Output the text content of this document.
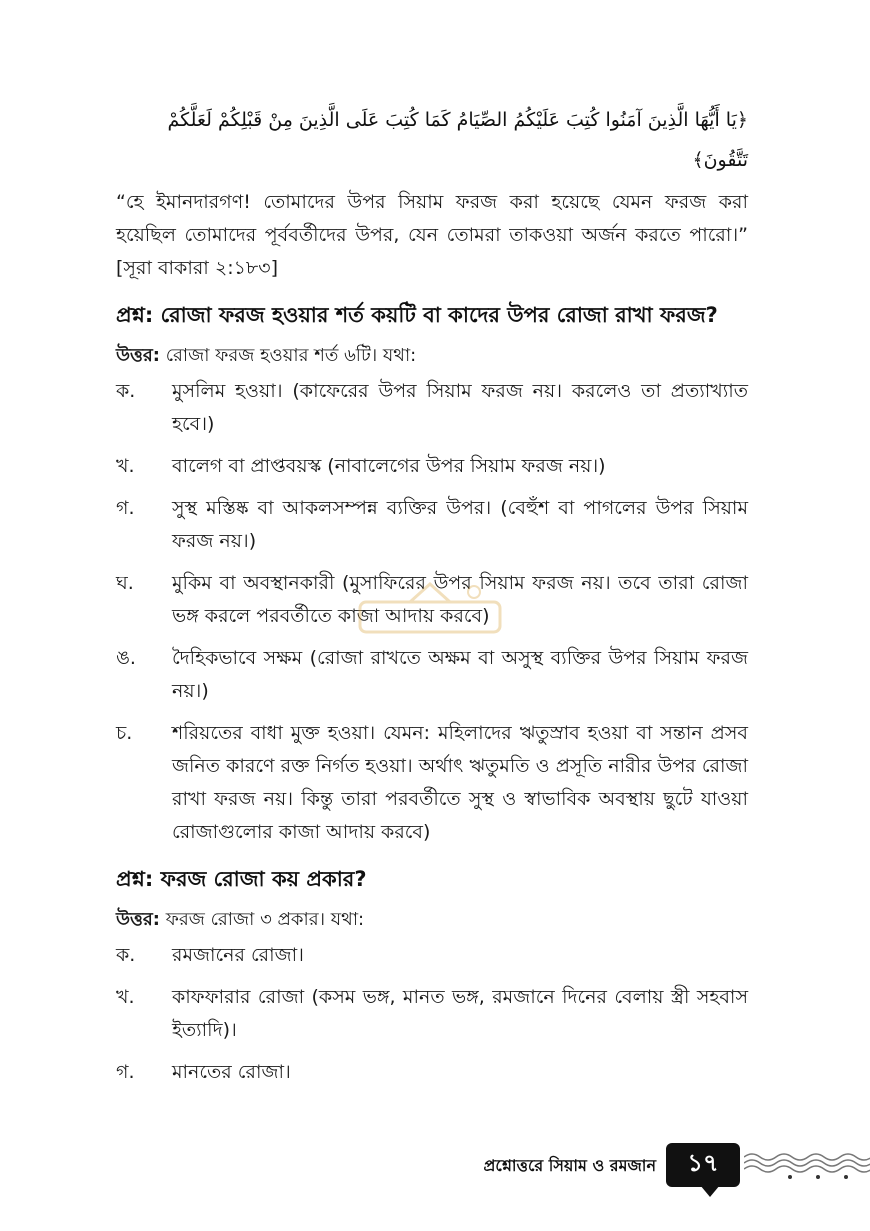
﴿يَا أَيُّهَا الَّذِينَ آمَنُوا كُتِبَ عَلَيْكُمُ الصِّيَامُ كَمَا كُتِبَ عَلَى الَّذِينَ مِنْ قَبْلِكُمْ لَعَلَّكُمْ تَتَّقُونَ﴾

“হে ইমানদারগণ! তোমাদের উপর সিয়াম ফরজ করা হয়েছে যেমন ফরজ করা হয়েছিল তোমাদের পূর্ববর্তীদের উপর, যেন তোমরা তাকওয়া অর্জন করতে পারো।” [সূরা বাকারা ২:১৮৩]

প্রশ্ন: রোজা ফরজ হওয়ার শর্ত কয়টি বা কাদের উপর রোজা রাখা ফরজ?
উত্তর: রোজা ফরজ হওয়ার শর্ত ৬টি। যথা:
ক.	মুসলিম হওয়া। (কাফেরের উপর সিয়াম ফরজ নয়। করলেও তা প্রত্যাখ্যাত হবে।)
খ.	বালেগ বা প্রাপ্তবয়স্ক (নাবালেগের উপর সিয়াম ফরজ নয়।)
গ.	সুস্থ মস্তিষ্ক বা আকলসম্পন্ন ব্যক্তির উপর। (বেহুঁশ বা পাগলের উপর সিয়াম ফরজ নয়।)
ঘ.	মুকিম বা অবস্থানকারী (মুসাফিরের উপর সিয়াম ফরজ নয়। তবে তারা রোজা ভঙ্গ করলে পরবর্তীতে কাজা আদায় করবে)
ঙ.	দৈহিকভাবে সক্ষম (রোজা রাখতে অক্ষম বা অসুস্থ ব্যক্তির উপর সিয়াম ফরজ নয়।)
চ.	শরিয়তের বাধা মুক্ত হওয়া। যেমন: মহিলাদের ঋতুস্রাব হওয়া বা সন্তান প্রসব জনিত কারণে রক্ত নির্গত হওয়া। অর্থাৎ ঋতুমতি ও প্রসূতি নারীর উপর রোজা রাখা ফরজ নয়। কিন্তু তারা পরবর্তীতে সুস্থ ও স্বাভাবিক অবস্থায় ছুটে যাওয়া রোজাগুলোর কাজা আদায় করবে)
প্রশ্ন: ফরজ রোজা কয় প্রকার?
উত্তর: ফরজ রোজা ৩ প্রকার। যথা:
ক.	রমজানের রোজা।
খ.	কাফফারার রোজা (কসম ভঙ্গ, মানত ভঙ্গ, রমজানে দিনের বেলায় স্ত্রী সহবাস ইত্যাদি)।
গ.	মানতের রোজা।
প্রশ্নোত্তরে সিয়াম ও রমজান	১৭
